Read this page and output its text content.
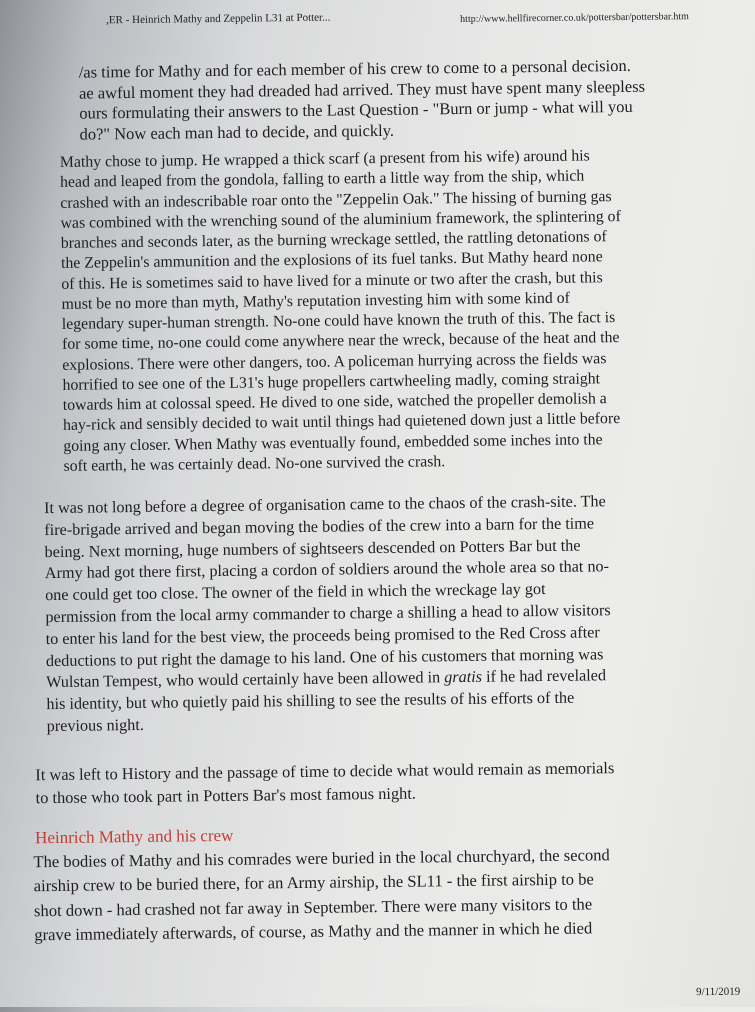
,ER - Heinrich Mathy and Zeppelin L31 at Potter...	http://www.hellfirecorner.co.uk/pottersbar/pottersbar.htm
/as time for Mathy and for each member of his crew to come to a personal decision.
ae awful moment they had dreaded had arrived. They must have spent many sleepless
ours formulating their answers to the Last Question - "Burn or jump - what will you
do?" Now each man had to decide, and quickly.
Mathy chose to jump. He wrapped a thick scarf (a present from his wife) around his
head and leaped from the gondola, falling to earth a little way from the ship, which
crashed with an indescribable roar onto the "Zeppelin Oak." The hissing of burning gas
was combined with the wrenching sound of the aluminium framework, the splintering of
branches and seconds later, as the burning wreckage settled, the rattling detonations of
the Zeppelin's ammunition and the explosions of its fuel tanks. But Mathy heard none
of this. He is sometimes said to have lived for a minute or two after the crash, but this
must be no more than myth, Mathy's reputation investing him with some kind of
legendary super-human strength. No-one could have known the truth of this. The fact is
for some time, no-one could come anywhere near the wreck, because of the heat and the
explosions. There were other dangers, too. A policeman hurrying across the fields was
horrified to see one of the L31's huge propellers cartwheeling madly, coming straight
towards him at colossal speed. He dived to one side, watched the propeller demolish a
hay-rick and sensibly decided to wait until things had quietened down just a little before
going any closer. When Mathy was eventually found, embedded some inches into the
soft earth, he was certainly dead. No-one survived the crash.
It was not long before a degree of organisation came to the chaos of the crash-site. The
fire-brigade arrived and began moving the bodies of the crew into a barn for the time
being. Next morning, huge numbers of sightseers descended on Potters Bar but the
Army had got there first, placing a cordon of soldiers around the whole area so that no-
one could get too close. The owner of the field in which the wreckage lay got
permission from the local army commander to charge a shilling a head to allow visitors
to enter his land for the best view, the proceeds being promised to the Red Cross after
deductions to put right the damage to his land. One of his customers that morning was
Wulstan Tempest, who would certainly have been allowed in gratis if he had revelaled
his identity, but who quietly paid his shilling to see the results of his efforts of the
previous night.
It was left to History and the passage of time to decide what would remain as memorials
to those who took part in Potters Bar's most famous night.
Heinrich Mathy and his crew
The bodies of Mathy and his comrades were buried in the local churchyard, the second
airship crew to be buried there, for an Army airship, the SL11 - the first airship to be
shot down - had crashed not far away in September. There were many visitors to the
grave immediately afterwards, of course, as Mathy and the manner in which he died
9/11/2019
